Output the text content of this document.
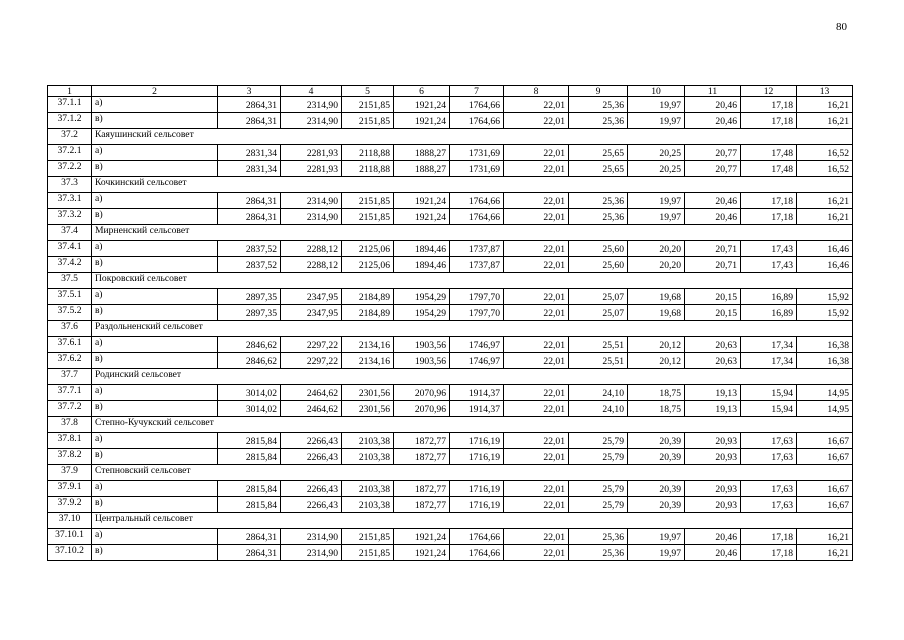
80
1	2	3	4	5	6	7	8	9	10	11	12	13
37.1.1	а)	2864,31	2314,90	2151,85	1921,24	1764,66	22,01	25,36	19,97	20,46	17,18	16,21
37.1.2	в)	2864,31	2314,90	2151,85	1921,24	1764,66	22,01	25,36	19,97	20,46	17,18	16,21
37.2	Каяушинский сельсовет											
37.2.1	а)	2831,34	2281,93	2118,88	1888,27	1731,69	22,01	25,65	20,25	20,77	17,48	16,52
37.2.2	в)	2831,34	2281,93	2118,88	1888,27	1731,69	22,01	25,65	20,25	20,77	17,48	16,52
37.3	Кочкинский сельсовет											
37.3.1	а)	2864,31	2314,90	2151,85	1921,24	1764,66	22,01	25,36	19,97	20,46	17,18	16,21
37.3.2	в)	2864,31	2314,90	2151,85	1921,24	1764,66	22,01	25,36	19,97	20,46	17,18	16,21
37.4	Мирненский сельсовет											
37.4.1	а)	2837,52	2288,12	2125,06	1894,46	1737,87	22,01	25,60	20,20	20,71	17,43	16,46
37.4.2	в)	2837,52	2288,12	2125,06	1894,46	1737,87	22,01	25,60	20,20	20,71	17,43	16,46
37.5	Покровский сельсовет											
37.5.1	а)	2897,35	2347,95	2184,89	1954,29	1797,70	22,01	25,07	19,68	20,15	16,89	15,92
37.5.2	в)	2897,35	2347,95	2184,89	1954,29	1797,70	22,01	25,07	19,68	20,15	16,89	15,92
37.6	Раздольненский сельсовет											
37.6.1	а)	2846,62	2297,22	2134,16	1903,56	1746,97	22,01	25,51	20,12	20,63	17,34	16,38
37.6.2	в)	2846,62	2297,22	2134,16	1903,56	1746,97	22,01	25,51	20,12	20,63	17,34	16,38
37.7	Родинский сельсовет											
37.7.1	а)	3014,02	2464,62	2301,56	2070,96	1914,37	22,01	24,10	18,75	19,13	15,94	14,95
37.7.2	в)	3014,02	2464,62	2301,56	2070,96	1914,37	22,01	24,10	18,75	19,13	15,94	14,95
37.8	Степно-Кучукский сельсовет											
37.8.1	а)	2815,84	2266,43	2103,38	1872,77	1716,19	22,01	25,79	20,39	20,93	17,63	16,67
37.8.2	в)	2815,84	2266,43	2103,38	1872,77	1716,19	22,01	25,79	20,39	20,93	17,63	16,67
37.9	Степновский сельсовет											
37.9.1	а)	2815,84	2266,43	2103,38	1872,77	1716,19	22,01	25,79	20,39	20,93	17,63	16,67
37.9.2	в)	2815,84	2266,43	2103,38	1872,77	1716,19	22,01	25,79	20,39	20,93	17,63	16,67
37.10	Центральный сельсовет											
37.10.1	а)	2864,31	2314,90	2151,85	1921,24	1764,66	22,01	25,36	19,97	20,46	17,18	16,21
37.10.2	в)	2864,31	2314,90	2151,85	1921,24	1764,66	22,01	25,36	19,97	20,46	17,18	16,21
